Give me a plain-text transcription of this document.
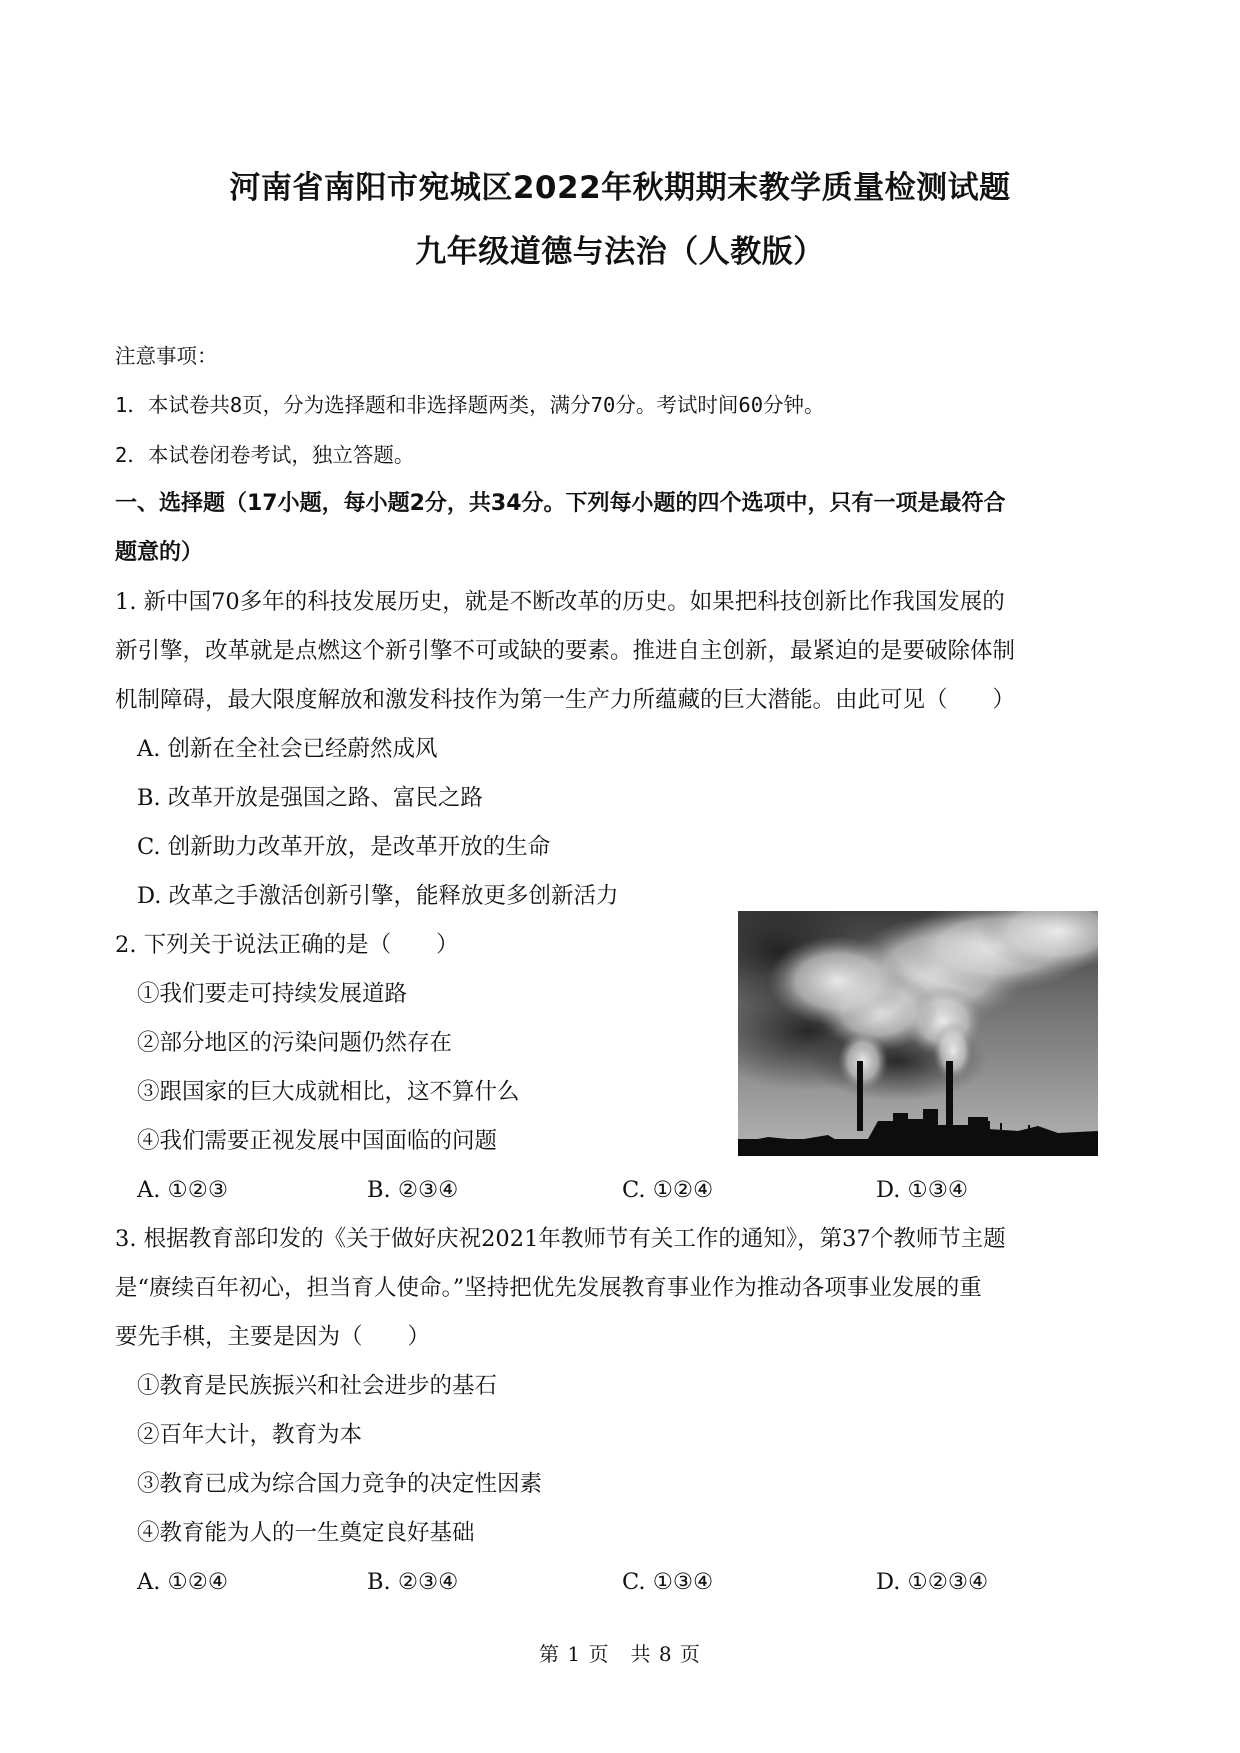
河南省南阳市宛城区2022年秋期期末教学质量检测试题
九年级道德与法治（人教版）
注意事项：
1．本试卷共8页，分为选择题和非选择题两类，满分70分。考试时间60分钟。
2．本试卷闭卷考试，独立答题。
一、选择题（17小题，每小题2分，共34分。下列每小题的四个选项中，只有一项是最符合
题意的）
1. 新中国70多年的科技发展历史，就是不断改革的历史。如果把科技创新比作我国发展的
新引擎，改革就是点燃这个新引擎不可或缺的要素。推进自主创新，最紧迫的是要破除体制
机制障碍，最大限度解放和激发科技作为第一生产力所蕴藏的巨大潜能。由此可见（　　）
A. 创新在全社会已经蔚然成风
B. 改革开放是强国之路、富民之路
C. 创新助力改革开放，是改革开放的生命
D. 改革之手激活创新引擎，能释放更多创新活力
2. 下列关于说法正确的是（　　）
①我们要走可持续发展道路
②部分地区的污染问题仍然存在
③跟国家的巨大成就相比，这不算什么
④我们需要正视发展中国面临的问题
A. ①②③	B. ②③④	C. ①②④	D. ①③④
3. 根据教育部印发的《关于做好庆祝2021年教师节有关工作的通知》，第37个教师节主题
是“赓续百年初心，担当育人使命。”坚持把优先发展教育事业作为推动各项事业发展的重
要先手棋，主要是因为（　　）
①教育是民族振兴和社会进步的基石
②百年大计，教育为本
③教育已成为综合国力竞争的决定性因素
④教育能为人的一生奠定良好基础
A. ①②④	B. ②③④	C. ①③④	D. ①②③④
第 1 页　共 8 页
